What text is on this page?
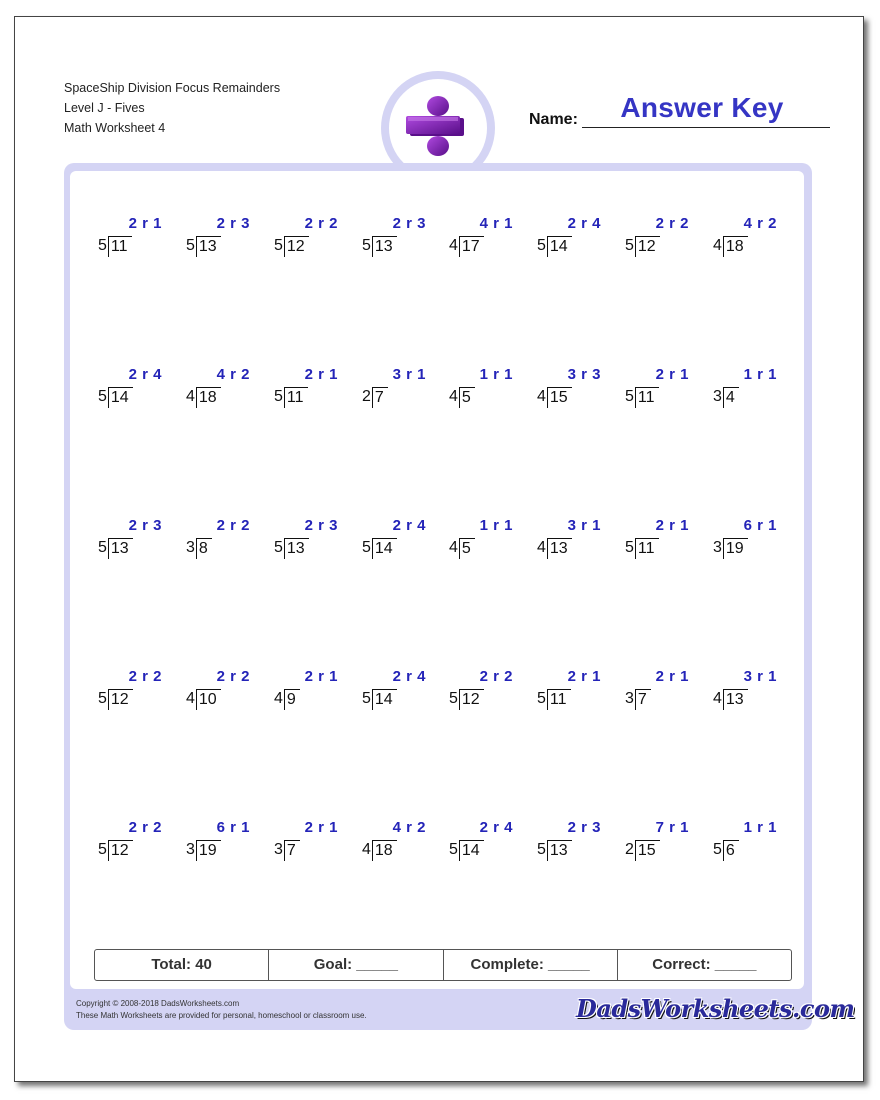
SpaceShip Division Focus Remainders
Level J - Fives
Math Worksheet 4	Name:	Answer Key
2 r 1
5 11
2 r 3
5 13
2 r 2
5 12
2 r 3
5 13
4 r 1
4 17
2 r 4
5 14
2 r 2
5 12
4 r 2
4 18
2 r 4
5 14
4 r 2
4 18
2 r 1
5 11
3 r 1
2 7
1 r 1
4 5
3 r 3
4 15
2 r 1
5 11
1 r 1
3 4
2 r 3
5 13
2 r 2
3 8
2 r 3
5 13
2 r 4
5 14
1 r 1
4 5
3 r 1
4 13
2 r 1
5 11
6 r 1
3 19
2 r 2
5 12
2 r 2
4 10
2 r 1
4 9
2 r 4
5 14
2 r 2
5 12
2 r 1
5 11
2 r 1
3 7
3 r 1
4 13
2 r 2
5 12
6 r 1
3 19
2 r 1
3 7
4 r 2
4 18
2 r 4
5 14
2 r 3
5 13
7 r 1
2 15
1 r 1
5 6
Total: 40	Goal: _____	Complete: _____	Correct: _____
Copyright © 2008-2018 DadsWorksheets.com
These Math Worksheets are provided for personal, homeschool or classroom use.	DadsWorksheets.com
